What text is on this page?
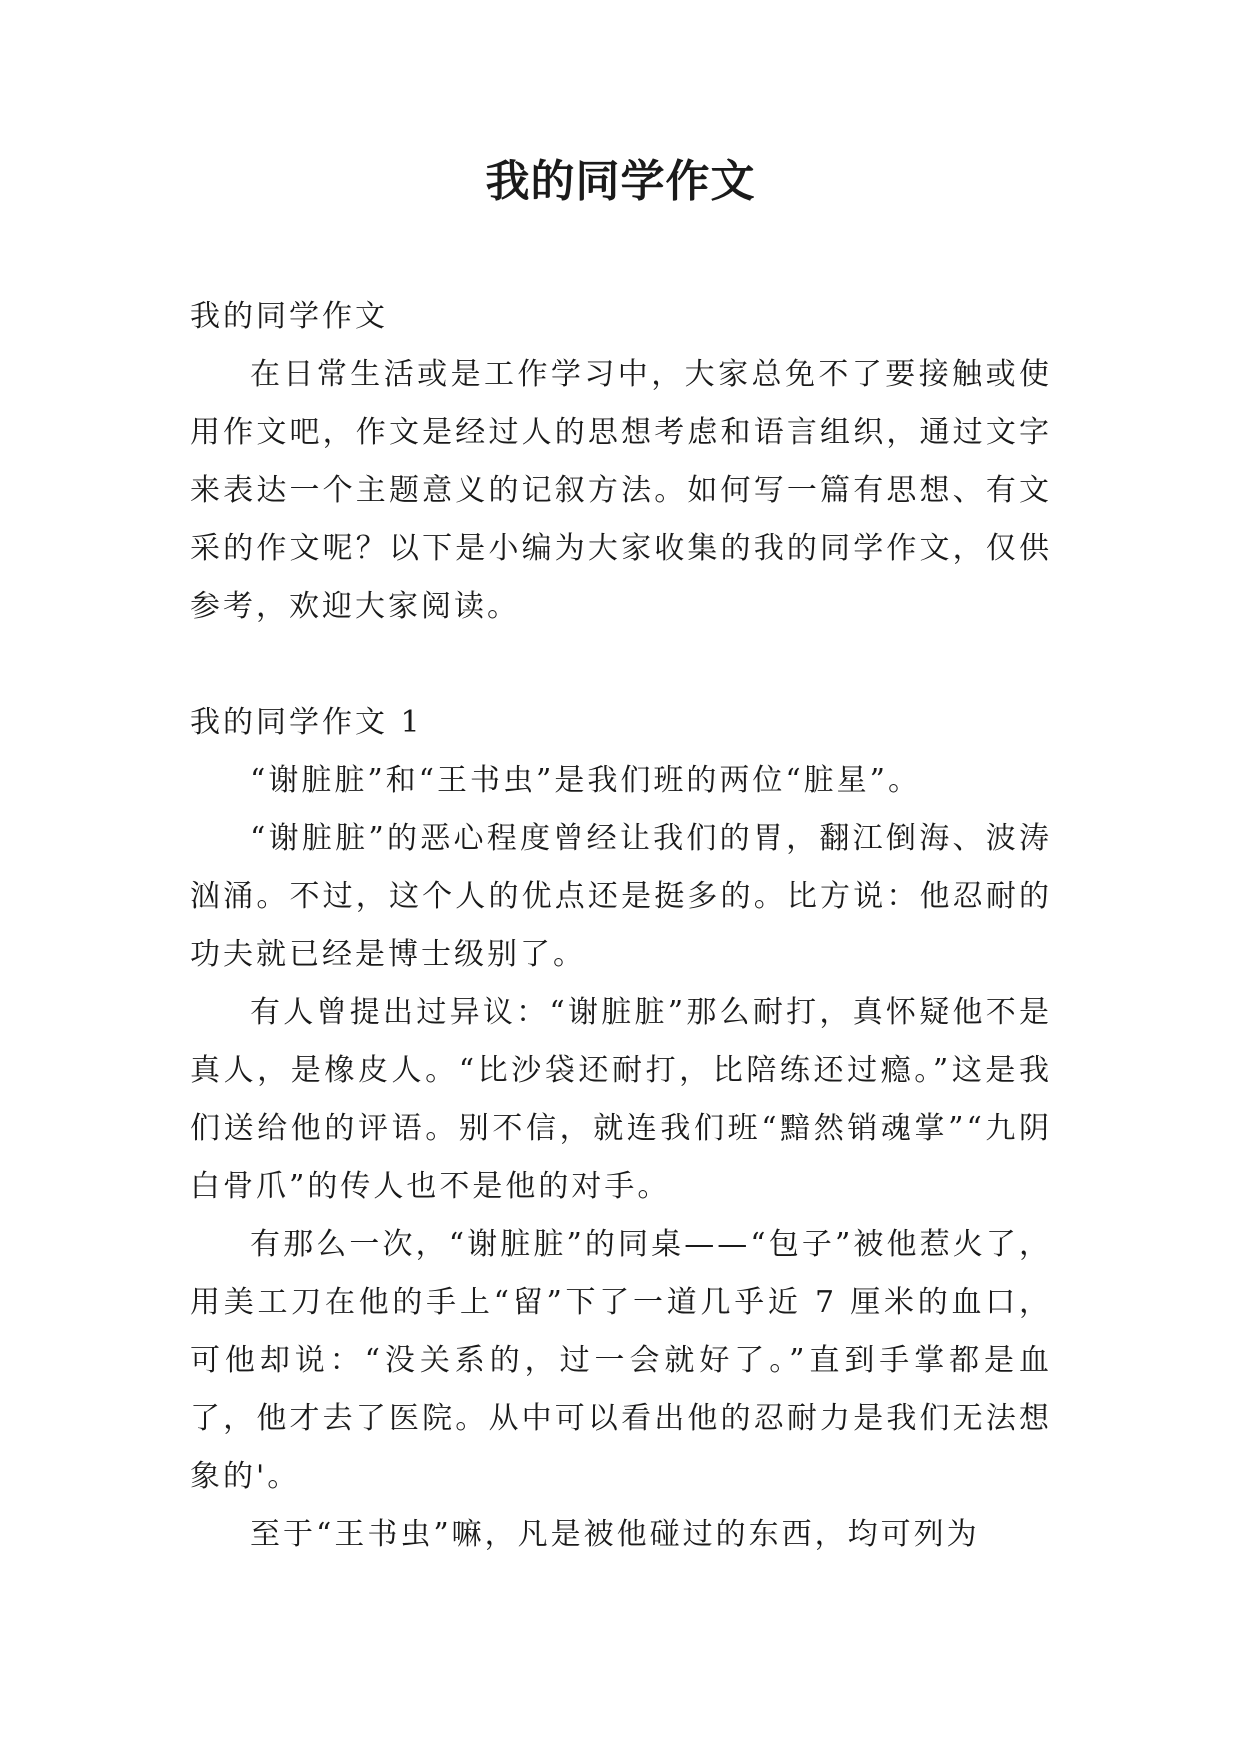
我的同学作文

我的同学作文

在日常生活或是工作学习中，大家总免不了要接触或使用作文吧，作文是经过人的思想考虑和语言组织，通过文字来表达一个主题意义的记叙方法。如何写一篇有思想、有文采的作文呢？以下是小编为大家收集的我的同学作文，仅供参考，欢迎大家阅读。

我的同学作文 1

“谢脏脏”和“王书虫”是我们班的两位“脏星”。

“谢脏脏”的恶心程度曾经让我们的胃，翻江倒海、波涛汹涌。不过，这个人的优点还是挺多的。比方说：他忍耐的功夫就已经是博士级别了。

有人曾提出过异议：“谢脏脏”那么耐打，真怀疑他不是真人，是橡皮人。“比沙袋还耐打，比陪练还过瘾。”这是我们送给他的评语。别不信，就连我们班“黯然销魂掌”“九阴白骨爪”的传人也不是他的对手。

有那么一次，“谢脏脏”的同桌——“包子”被他惹火了，用美工刀在他的手上“留”下了一道几乎近 7 厘米的血口，可他却说：“没关系的，过一会就好了。”直到手掌都是血了，他才去了医院。从中可以看出他的忍耐力是我们无法想象的'。

至于“王书虫”嘛，凡是被他碰过的东西，均可列为
